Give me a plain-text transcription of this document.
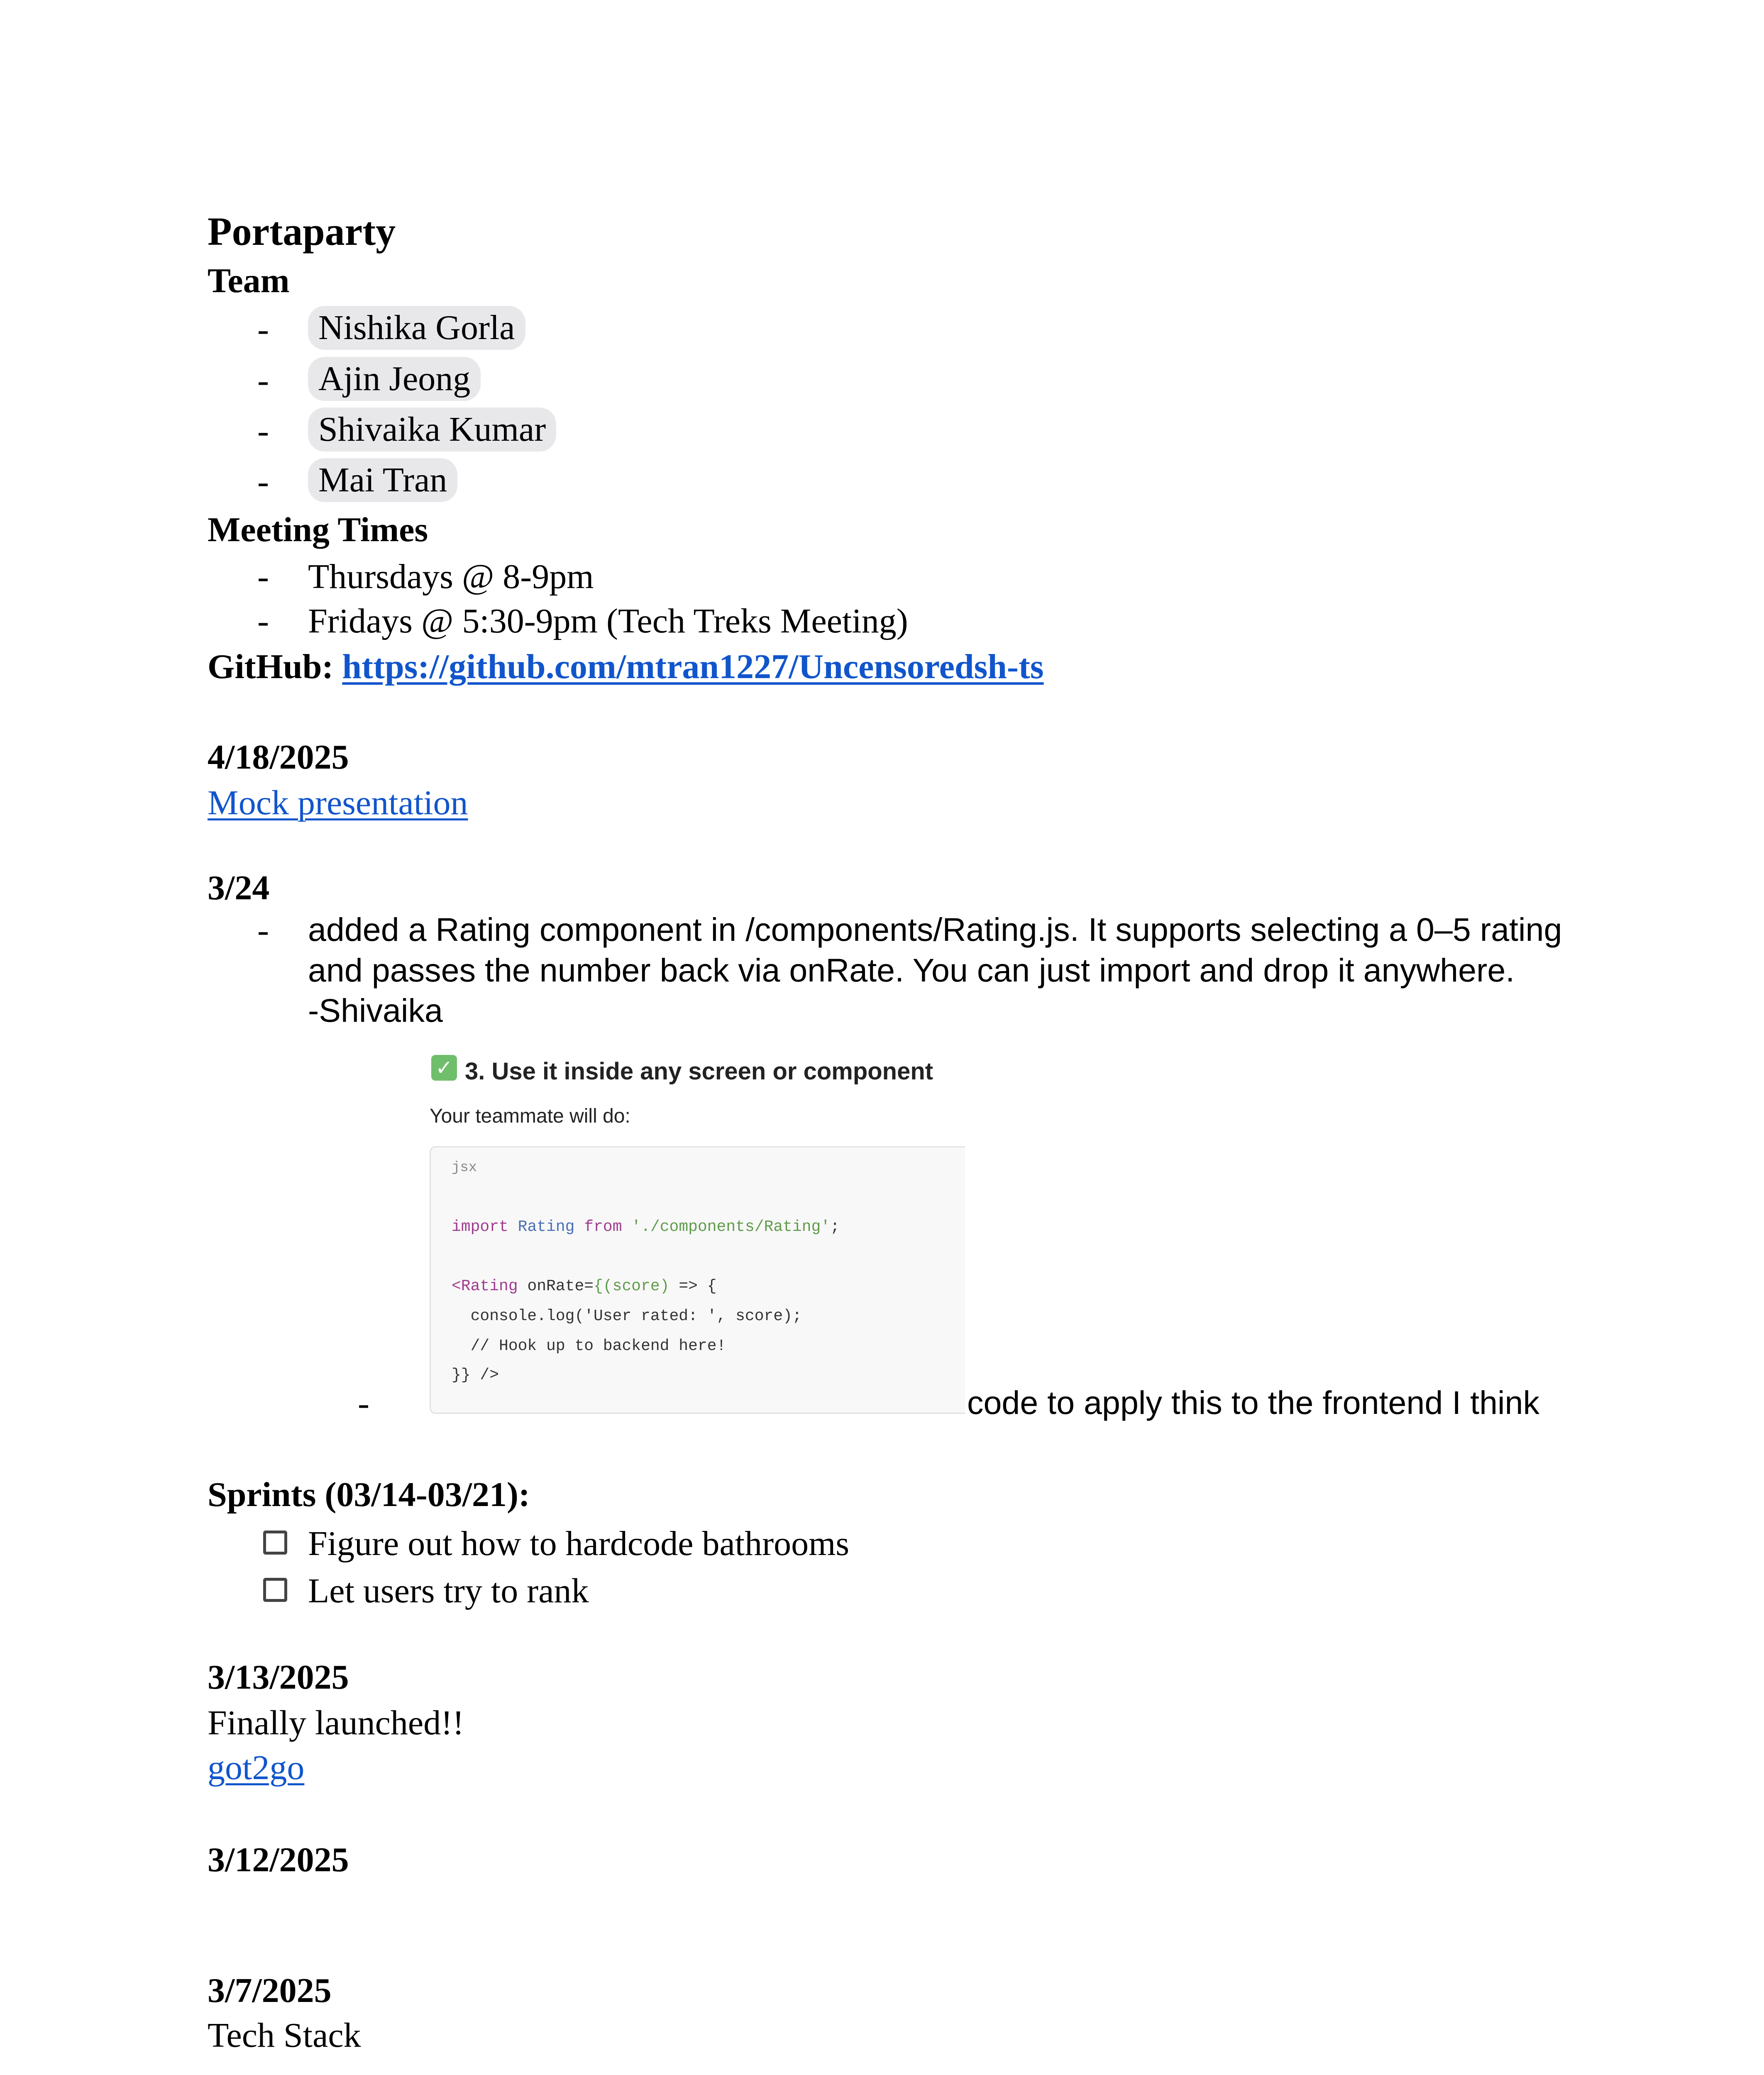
Portaparty
Team
- Nishika Gorla
- Ajin Jeong
- Shivaika Kumar
- Mai Tran
Meeting Times
- Thursdays @ 8-9pm
- Fridays @ 5:30-9pm (Tech Treks Meeting)
GitHub: https://github.com/mtran1227/Uncensoredsh-ts
4/18/2025
Mock presentation
3/24
- added a Rating component in /components/Rating.js. It supports selecting a 0–5 rating
and passes the number back via onRate. You can just import and drop it anywhere.
-Shivaika
✓ 3. Use it inside any screen or component
Your teammate will do:
jsx
import Rating from './components/Rating';
<Rating onRate={(score) => {
console.log('User rated: ', score);
// Hook up to backend here!
}} />
-	code to apply this to the frontend I think
Sprints (03/14-03/21):
Figure out how to hardcode bathrooms
Let users try to rank
3/13/2025
Finally launched!!
got2go
3/12/2025
3/7/2025
Tech Stack
